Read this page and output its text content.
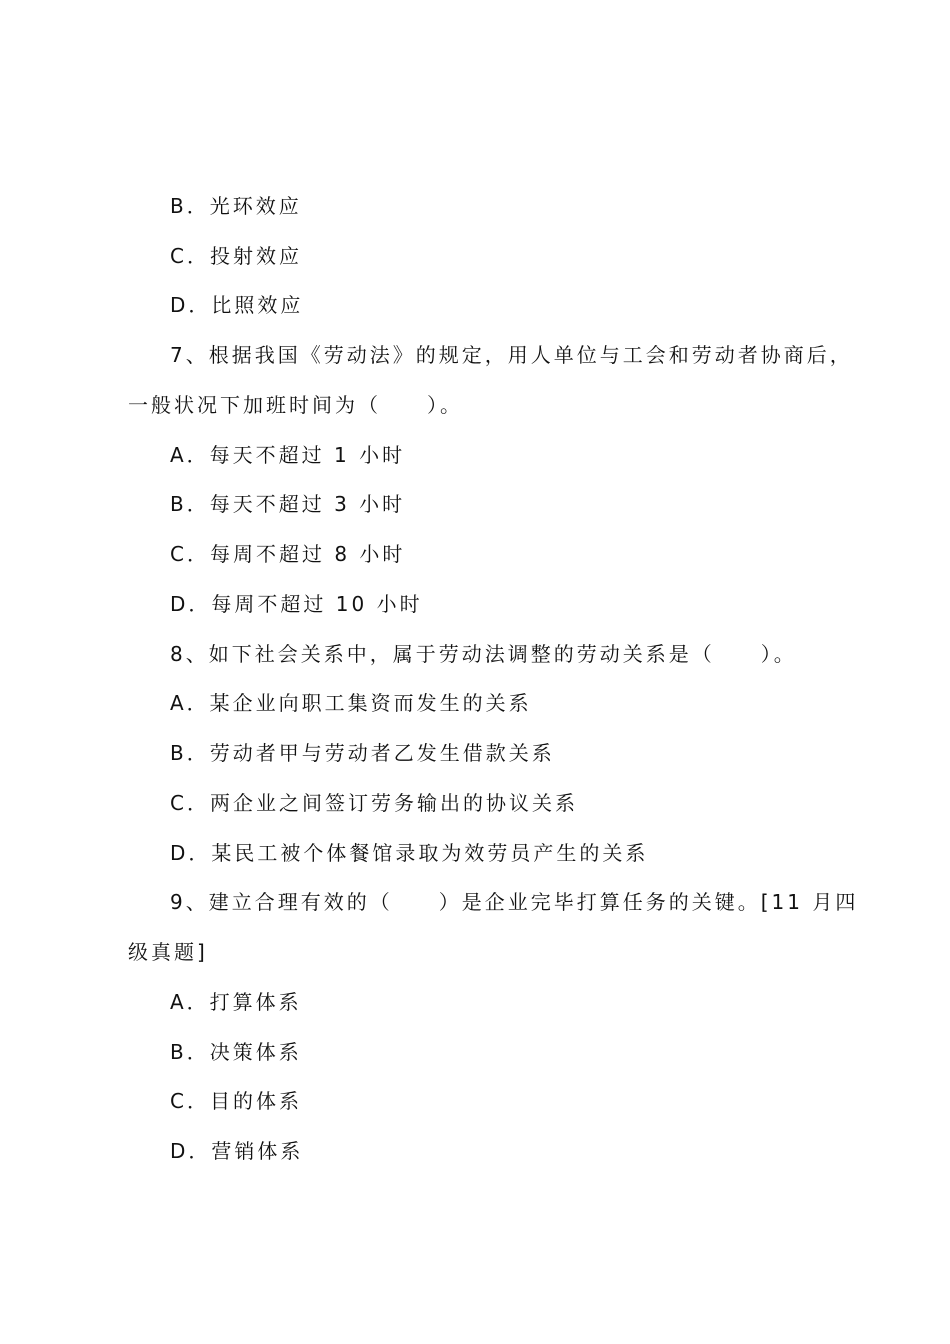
B．光环效应
C．投射效应
D．比照效应
7、根据我国《劳动法》的规定，用人单位与工会和劳动者协商后，
一般状况下加班时间为（　　）。
A．每天不超过 1 小时
B．每天不超过 3 小时
C．每周不超过 8 小时
D．每周不超过 10 小时
8、如下社会关系中，属于劳动法调整的劳动关系是（　　）。
A．某企业向职工集资而发生的关系
B．劳动者甲与劳动者乙发生借款关系
C．两企业之间签订劳务输出的协议关系
D．某民工被个体餐馆录取为效劳员产生的关系
9、建立合理有效的（　　）是企业完毕打算任务的关键。[11 月四
级真题]
A．打算体系
B．决策体系
C．目的体系
D．营销体系
